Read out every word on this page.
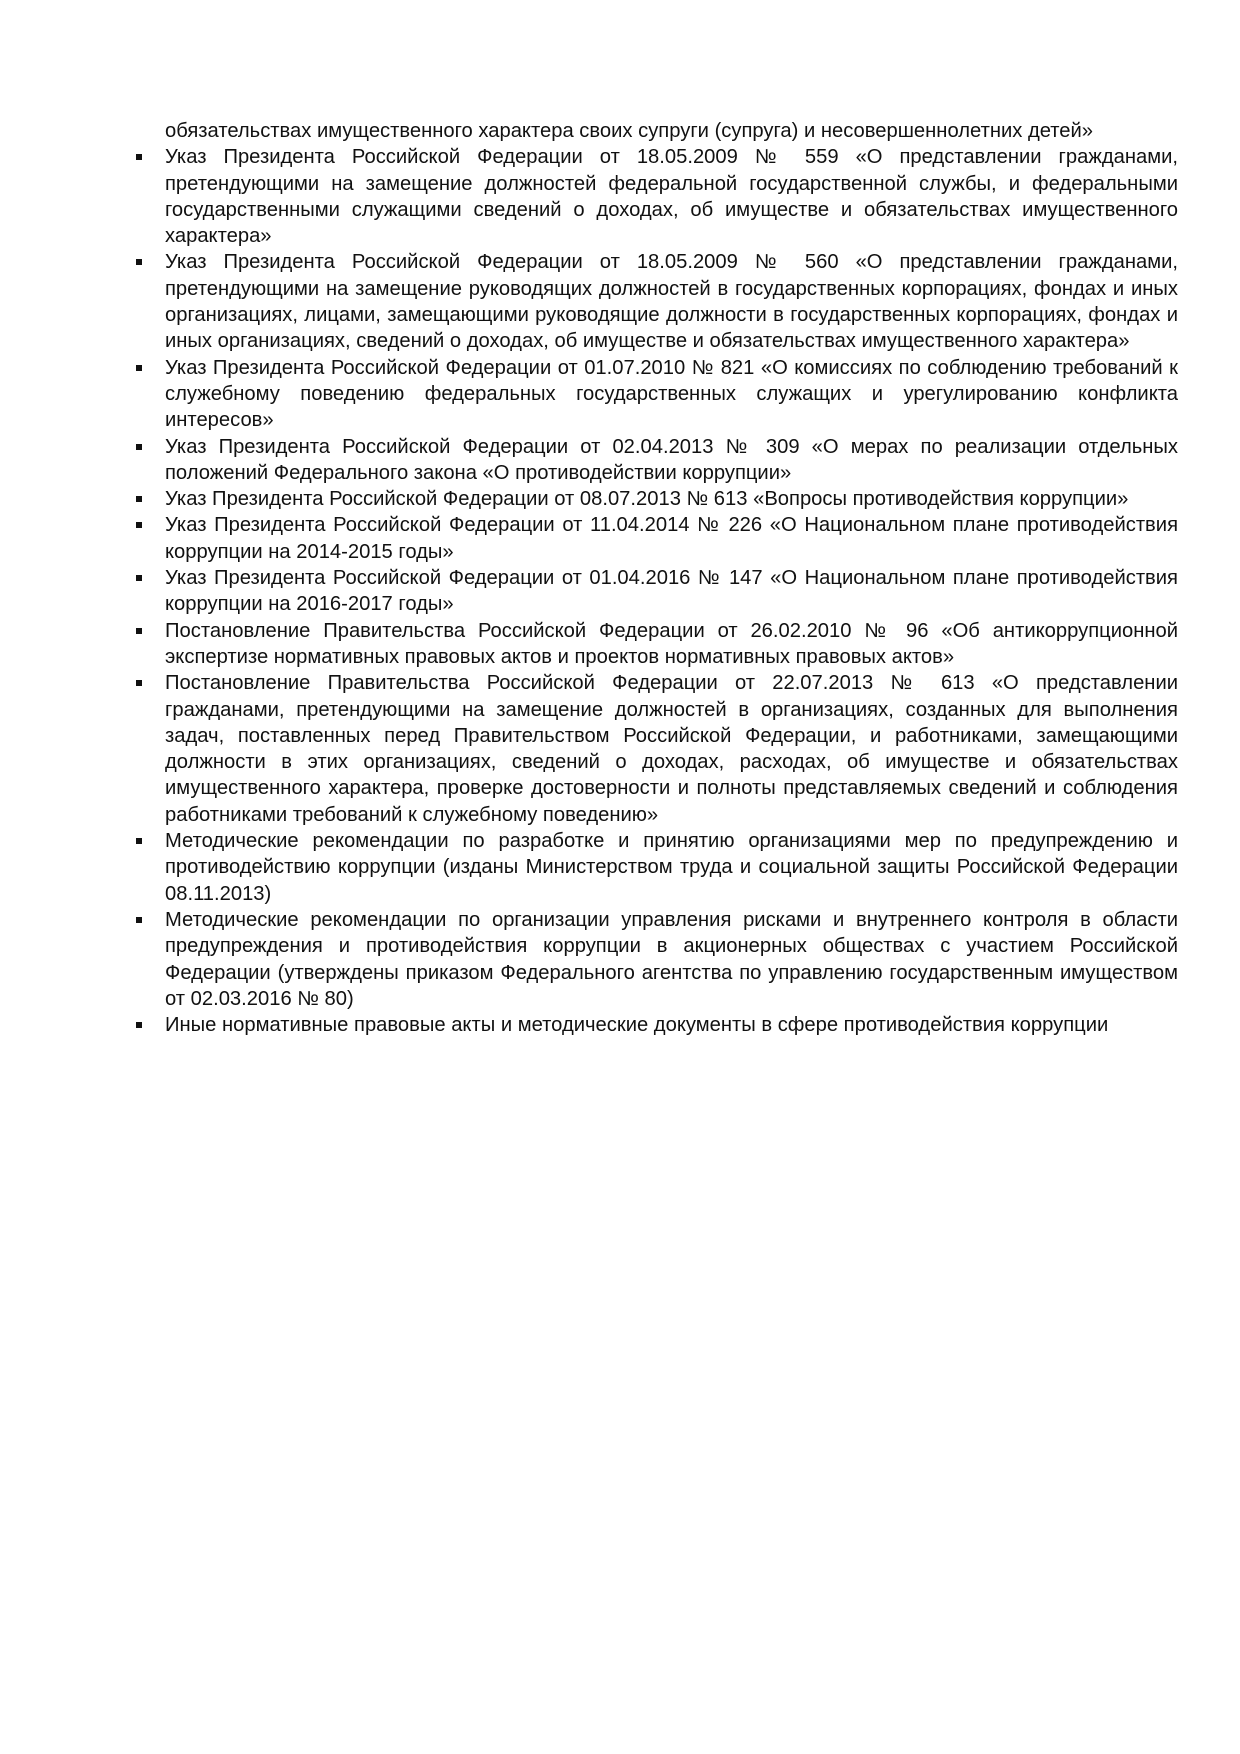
обязательствах имущественного характера своих супруги (супруга) и несовершеннолетних детей»

Указ Президента Российской Федерации от 18.05.2009 № 559 «О представлении гражданами, претендующими на замещение должностей федеральной государственной службы, и федеральными государственными служащими сведений о доходах, об имуществе и обязательствах имущественного характера»
Указ Президента Российской Федерации от 18.05.2009 № 560 «О представлении гражданами, претендующими на замещение руководящих должностей в государственных корпорациях, фондах и иных организациях, лицами, замещающими руководящие должности в государственных корпорациях, фондах и иных организациях, сведений о доходах, об имуществе и обязательствах имущественного характера»
Указ Президента Российской Федерации от 01.07.2010 № 821 «О комиссиях по соблюдению требований к служебному поведению федеральных государственных служащих и урегулированию конфликта интересов»
Указ Президента Российской Федерации от 02.04.2013 № 309 «О мерах по реализации отдельных положений Федерального закона «О противодействии коррупции»
Указ Президента Российской Федерации от 08.07.2013 № 613 «Вопросы противодействия коррупции»
Указ Президента Российской Федерации от 11.04.2014 № 226 «О Национальном плане противодействия коррупции на 2014-2015 годы»
Указ Президента Российской Федерации от 01.04.2016 № 147 «О Национальном плане противодействия коррупции на 2016-2017 годы»
Постановление Правительства Российской Федерации от 26.02.2010 № 96 «Об антикоррупционной экспертизе нормативных правовых актов и проектов нормативных правовых актов»
Постановление Правительства Российской Федерации от 22.07.2013 № 613 «О представлении гражданами, претендующими на замещение должностей в организациях, созданных для выполнения задач, поставленных перед Правительством Российской Федерации, и работниками, замещающими должности в этих организациях, сведений о доходах, расходах, об имуществе и обязательствах имущественного характера, проверке достоверности и полноты представляемых сведений и соблюдения работниками требований к служебному поведению»
Методические рекомендации по разработке и принятию организациями мер по предупреждению и противодействию коррупции (изданы Министерством труда и социальной защиты Российской Федерации 08.11.2013)
Методические рекомендации по организации управления рисками и внутреннего контроля в области предупреждения и противодействия коррупции в акционерных обществах с участием Российской Федерации (утверждены приказом Федерального агентства по управлению государственным имуществом от 02.03.2016 № 80)
Иные нормативные правовые акты и методические документы в сфере противодействия коррупции
